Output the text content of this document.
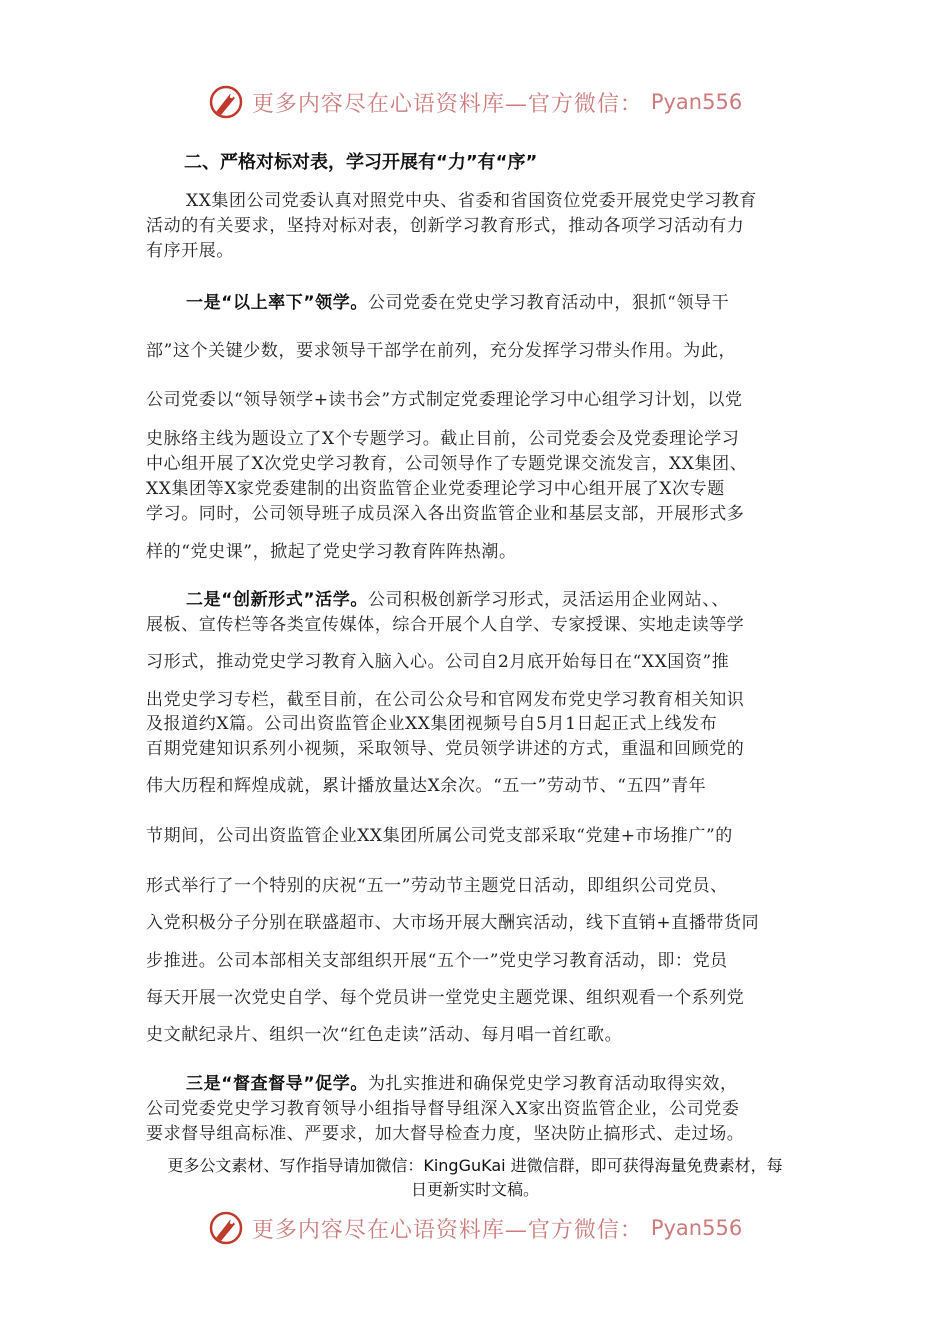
更多内容尽在心语资料库—官方微信： Pyan556
二、严格对标对表，学习开展有“力”有“序”
XX集团公司党委认真对照党中央、省委和省国资位党委开展党史学习教育
活动的有关要求，坚持对标对表，创新学习教育形式，推动各项学习活动有力
有序开展。
一是“以上率下”领学。公司党委在党史学习教育活动中，狠抓“领导干
部”这个关键少数，要求领导干部学在前列，充分发挥学习带头作用。为此，
公司党委以“领导领学+读书会”方式制定党委理论学习中心组学习计划，以党
史脉络主线为题设立了X个专题学习。截止目前，公司党委会及党委理论学习
中心组开展了X次党史学习教育，公司领导作了专题党课交流发言，XX集团、
XX集团等X家党委建制的出资监管企业党委理论学习中心组开展了X次专题
学习。同时，公司领导班子成员深入各出资监管企业和基层支部，开展形式多
样的“党史课”，掀起了党史学习教育阵阵热潮。
二是“创新形式”活学。公司积极创新学习形式，灵活运用企业网站、、
展板、宣传栏等各类宣传媒体，综合开展个人自学、专家授课、实地走读等学
习形式，推动党史学习教育入脑入心。公司自2月底开始每日在“XX国资”推
出党史学习专栏，截至目前，在公司公众号和官网发布党史学习教育相关知识
及报道约X篇。公司出资监管企业XX集团视频号自5月1日起正式上线发布
百期党建知识系列小视频，采取领导、党员领学讲述的方式，重温和回顾党的
伟大历程和辉煌成就，累计播放量达X余次。“五一”劳动节、“五四”青年
节期间，公司出资监管企业XX集团所属公司党支部采取“党建+市场推广”的
形式举行了一个特别的庆祝“五一”劳动节主题党日活动，即组织公司党员、
入党积极分子分别在联盛超市、大市场开展大酬宾活动，线下直销+直播带货同
步推进。公司本部相关支部组织开展“五个一”党史学习教育活动，即：党员
每天开展一次党史自学、每个党员讲一堂党史主题党课、组织观看一个系列党
史文献纪录片、组织一次“红色走读”活动、每月唱一首红歌。
三是“督查督导”促学。为扎实推进和确保党史学习教育活动取得实效，
公司党委党史学习教育领导小组指导督导组深入X家出资监管企业，公司党委
要求督导组高标准、严要求，加大督导检查力度，坚决防止搞形式、走过场。
更多公文素材、写作指导请加微信：KingGuKai 进微信群，即可获得海量免费素材，每
日更新实时文稿。
更多内容尽在心语资料库—官方微信： Pyan556
